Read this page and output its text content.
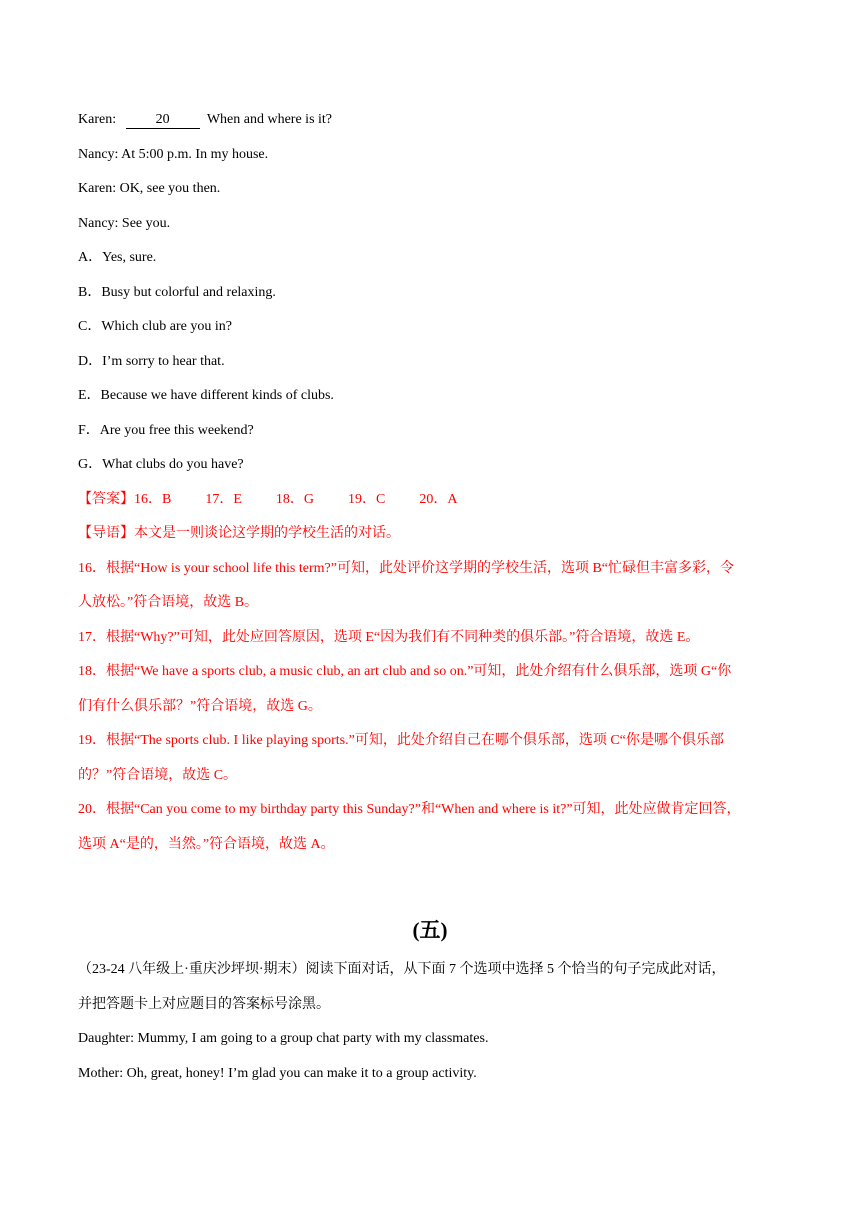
Karen:	20	When and where is it?
Nancy: At 5:00 p.m. In my house.
Karen: OK, see you then.
Nancy: See you.
A．Yes, sure.
B．Busy but colorful and relaxing.
C．Which club are you in?
D．I’m sorry to hear that.
E．Because we have different kinds of clubs.
F．Are you free this weekend?
G．What clubs do you have?
【答案】16．B 17．E 18．G 19．C 20．A
【导语】本文是一则谈论这学期的学校生活的对话。
16．根据“How is your school life this term?”可知，此处评价这学期的学校生活，选项 B“忙碌但丰富多彩，令
人放松。”符合语境，故选 B。
17．根据“Why?”可知，此处应回答原因，选项 E“因为我们有不同种类的俱乐部。”符合语境，故选 E。
18．根据“We have a sports club, a music club, an art club and so on.”可知，此处介绍有什么俱乐部，选项 G“你
们有什么俱乐部？”符合语境，故选 G。
19．根据“The sports club. I like playing sports.”可知，此处介绍自己在哪个俱乐部，选项 C“你是哪个俱乐部
的？”符合语境，故选 C。
20．根据“Can you come to my birthday party this Sunday?”和“When and where is it?”可知，此处应做肯定回答，
选项 A“是的，当然。”符合语境，故选 A。
(五)
（23-24 八年级上·重庆沙坪坝·期末）阅读下面对话，从下面 7 个选项中选择 5 个恰当的句子完成此对话，
并把答题卡上对应题目的答案标号涂黑。
Daughter: Mummy, I am going to a group chat party with my classmates.
Mother: Oh, great, honey! I’m glad you can make it to a group activity.
